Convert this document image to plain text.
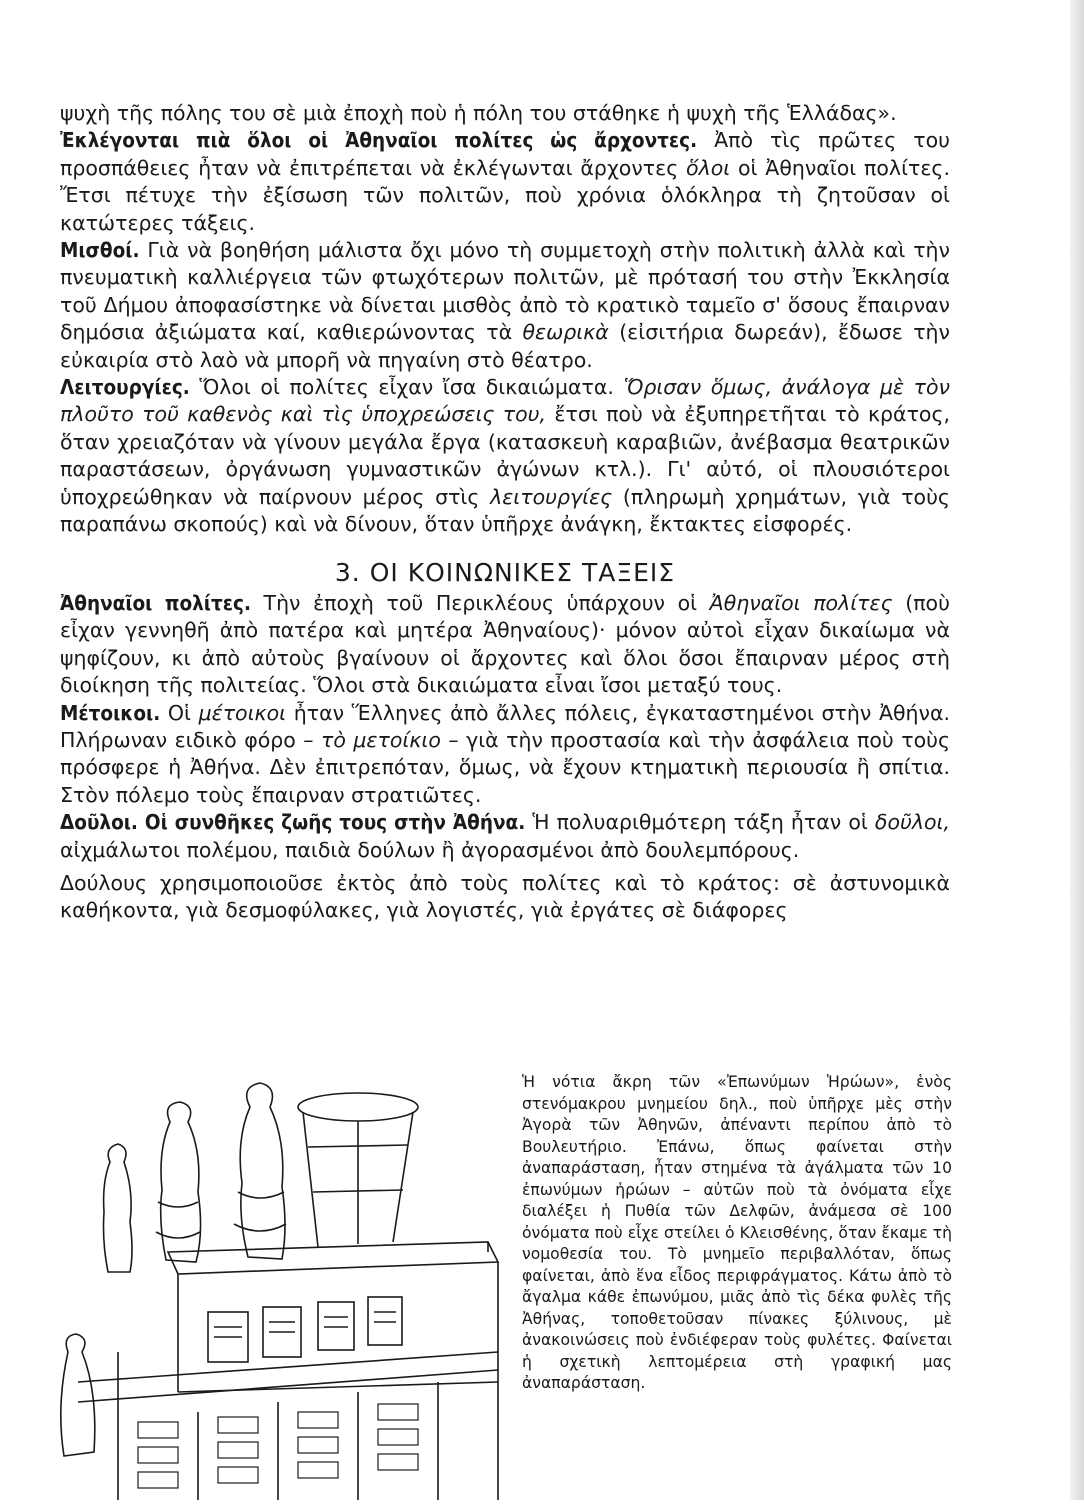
ψυχὴ τῆς πόλης του σὲ μιὰ ἐποχὴ ποὺ ἡ πόλη του στάθηκε ἡ ψυχὴ τῆς Ἑλλάδας».

Ἐκλέγονται πιὰ ὅλοι οἱ Ἀθηναῖοι πολίτες ὡς ἄρχοντες. Ἀπὸ τὶς πρῶτες του προσπάθειες ἦταν νὰ ἐπιτρέπεται νὰ ἐκλέγωνται ἄρχοντες ὅλοι οἱ Ἀθηναῖοι πολίτες. Ἔτσι πέτυχε τὴν ἐξίσωση τῶν πολιτῶν, ποὺ χρόνια ὁλόκληρα τὴ ζητοῦσαν οἱ κατώτερες τάξεις.

Μισθοί. Γιὰ νὰ βοηθήση μάλιστα ὄχι μόνο τὴ συμμετοχὴ στὴν πολιτικὴ ἀλλὰ καὶ τὴν πνευματικὴ καλλιέργεια τῶν φτωχότερων πολιτῶν, μὲ πρότασή του στὴν Ἐκκλησία τοῦ Δήμου ἀποφασίστηκε νὰ δίνεται μισθὸς ἀπὸ τὸ κρατικὸ ταμεῖο σ' ὅσους ἔπαιρναν δημόσια ἀξιώματα καί, καθιερώνοντας τὰ θεωρικὰ (εἰσιτήρια δωρεάν), ἔδωσε τὴν εὐκαιρία στὸ λαὸ νὰ μπορῆ νὰ πηγαίνη στὸ θέατρο.

Λειτουργίες. Ὅλοι οἱ πολίτες εἶχαν ἴσα δικαιώματα. Ὅρισαν ὅμως, ἀνάλογα μὲ τὸν πλοῦτο τοῦ καθενὸς καὶ τὶς ὑποχρεώσεις του, ἔτσι ποὺ νὰ ἐξυπηρετῆται τὸ κράτος, ὅταν χρειαζόταν νὰ γίνουν μεγάλα ἔργα (κατασκευὴ καραβιῶν, ἀνέβασμα θεατρικῶν παραστάσεων, ὀργάνωση γυμναστικῶν ἀγώνων κτλ.). Γι' αὐτό, οἱ πλουσιότεροι ὑποχρεώθηκαν νὰ παίρνουν μέρος στὶς λειτουργίες (πληρωμὴ χρημάτων, γιὰ τοὺς παραπάνω σκοπούς) καὶ νὰ δίνουν, ὅταν ὑπῆρχε ἀνάγκη, ἔκτακτες εἰσφορές.

3. ΟΙ ΚΟΙΝΩΝΙΚΕΣ ΤΑΞΕΙΣ

Ἀθηναῖοι πολίτες. Τὴν ἐποχὴ τοῦ Περικλέους ὑπάρχουν οἱ Ἀθηναῖοι πολίτες (ποὺ εἶχαν γεννηθῆ ἀπὸ πατέρα καὶ μητέρα Ἀθηναίους)· μόνον αὐτοὶ εἶχαν δικαίωμα νὰ ψηφίζουν, κι ἀπὸ αὐτοὺς βγαίνουν οἱ ἄρχοντες καὶ ὅλοι ὅσοι ἔπαιρναν μέρος στὴ διοίκηση τῆς πολιτείας. Ὅλοι στὰ δικαιώματα εἶναι ἴσοι μεταξύ τους.

Μέτοικοι. Οἱ μέτοικοι ἦταν Ἕλληνες ἀπὸ ἄλλες πόλεις, ἐγκαταστημένοι στὴν Ἀθήνα. Πλήρωναν ειδικὸ φόρο – τὸ μετοίκιο – γιὰ τὴν προστασία καὶ τὴν ἀσφάλεια ποὺ τοὺς πρόσφερε ἡ Ἀθήνα. Δὲν ἐπιτρεπόταν, ὅμως, νὰ ἔχουν κτηματικὴ περιουσία ἢ σπίτια. Στὸν πόλεμο τοὺς ἔπαιρναν στρατιῶτες.

Δοῦλοι. Οἱ συνθῆκες ζωῆς τους στὴν Ἀθήνα. Ἡ πολυαριθμότερη τάξη ἦταν οἱ δοῦλοι, αἰχμάλωτοι πολέμου, παιδιὰ δούλων ἢ ἀγορασμένοι ἀπὸ δουλεμπόρους.

Δούλους χρησιμοποιοῦσε ἐκτὸς ἀπὸ τοὺς πολίτες καὶ τὸ κράτος: σὲ ἀστυνομικὰ καθήκοντα, γιὰ δεσμοφύλακες, γιὰ λογιστές, γιὰ ἐργάτες σὲ διάφορες

Ἡ νότια ἄκρη τῶν «Ἐπωνύμων Ἡρώων», ἑνὸς στενόμακρου μνημείου δηλ., ποὺ ὑπῆρχε μὲς στὴν Ἀγορὰ τῶν Ἀθηνῶν, ἀπέναντι περίπου ἀπὸ τὸ Βουλευτήριο. Ἐπάνω, ὅπως φαίνεται στὴν ἀναπαράσταση, ἦταν στημένα τὰ ἀγάλματα τῶν 10 ἐπωνύμων ἡρώων – αὐτῶν ποὺ τὰ ὀνόματα εἶχε διαλέξει ἡ Πυθία τῶν Δελφῶν, ἀνάμεσα σὲ 100 ὀνόματα ποὺ εἶχε στείλει ὁ Κλεισθένης, ὅταν ἔκαμε τὴ νομοθεσία του. Τὸ μνημεῖο περιβαλλόταν, ὅπως φαίνεται, ἀπὸ ἕνα εἶδος περιφράγματος. Κάτω ἀπὸ τὸ ἄγαλμα κάθε ἐπωνύμου, μιᾶς ἀπὸ τὶς δέκα φυλὲς τῆς Ἀθήνας, τοποθετοῦσαν πίνακες ξύλινους, μὲ ἀνακοινώσεις ποὺ ἐνδιέφεραν τοὺς φυλέτες. Φαίνεται ἡ σχετικὴ λεπτομέρεια στὴ γραφική μας ἀναπαράσταση.
